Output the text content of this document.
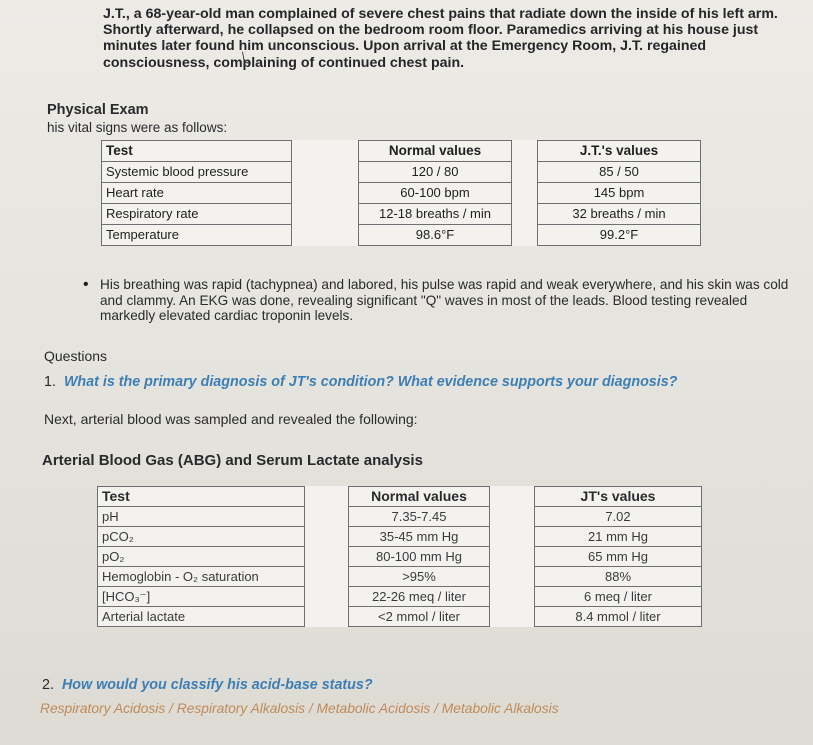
J.T., a 68-year-old man complained of severe chest pains that radiate down the inside of his left arm. Shortly afterward, he collapsed on the bedroom room floor. Paramedics arriving at his house just minutes later found him unconscious. Upon arrival at the Emergency Room, J.T. regained consciousness, complaining of continued chest pain.

Physical Exam

his vital signs were as follows:

Test		Normal values		J.T.'s values
Systemic blood pressure		120 / 80		85 / 50
Heart rate		60-100 bpm		145 bpm
Respiratory rate		12-18 breaths / min		32 breaths / min
Temperature		98.6°F		99.2°F
• His breathing was rapid (tachypnea) and labored, his pulse was rapid and weak everywhere, and his skin was cold and clammy. An EKG was done, revealing significant "Q" waves in most of the leads. Blood testing revealed markedly elevated cardiac troponin levels.

Questions

1. What is the primary diagnosis of JT's condition? What evidence supports your diagnosis?

Next, arterial blood was sampled and revealed the following:

Arterial Blood Gas (ABG) and Serum Lactate analysis

Test		Normal values		JT's values
pH		7.35-7.45		7.02
pCO₂		35-45 mm Hg		21 mm Hg
pO₂		80-100 mm Hg		65 mm Hg
Hemoglobin - O₂ saturation		>95%		88%
[HCO₃⁻]		22-26 meq / liter		6 meq / liter
Arterial lactate		<2 mmol / liter		8.4 mmol / liter

2. How would you classify his acid-base status?

Respiratory Acidosis / Respiratory Alkalosis / Metabolic Acidosis / Metabolic Alkalosis
